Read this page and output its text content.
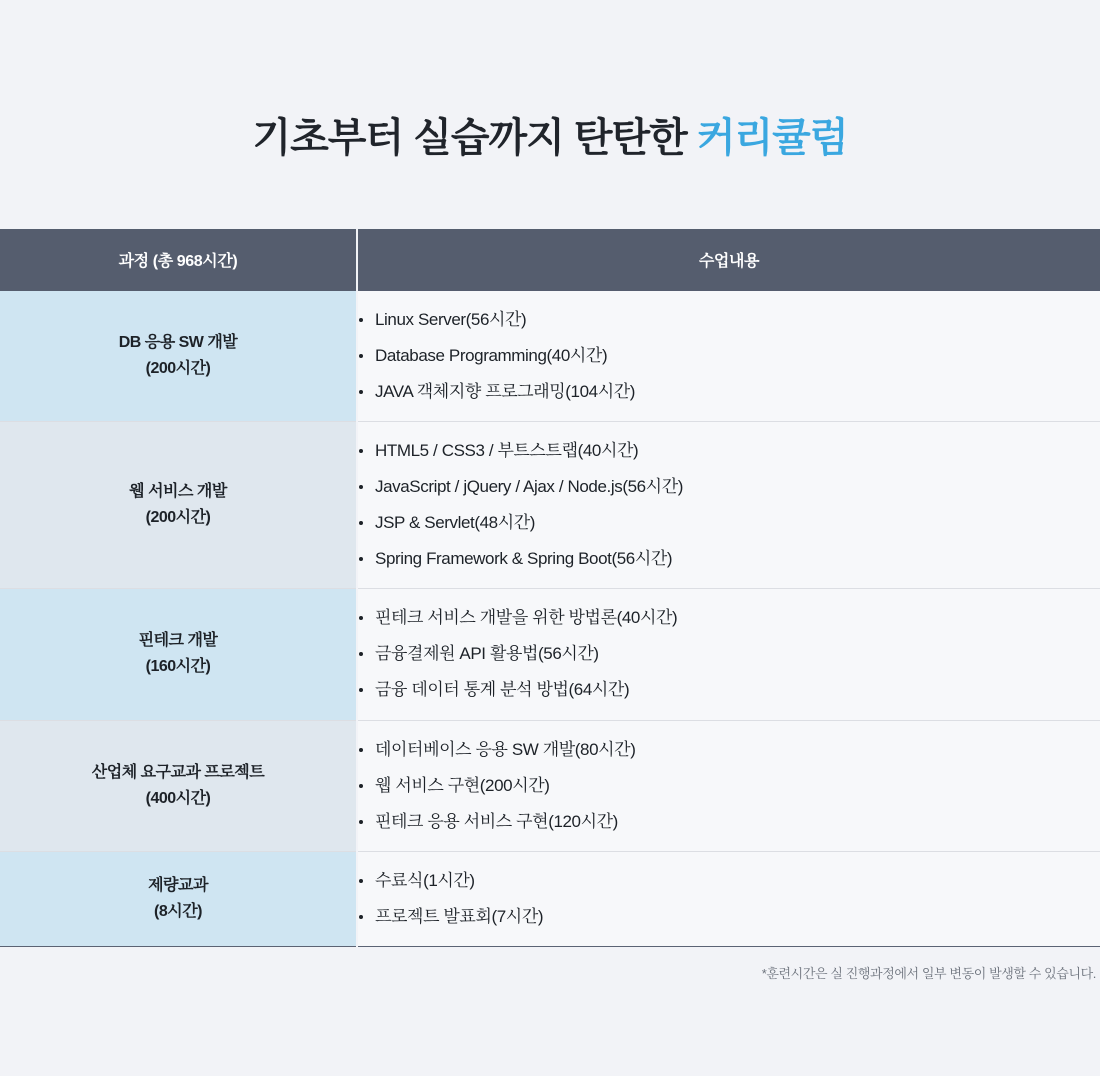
기초부터 실습까지 탄탄한 커리큘럼
과정 (총 968시간)	수업내용

DB 응용 SW 개발
(200시간)

Linux Server(56시간)
Database Programming(40시간)
JAVA 객체지향 프로그래밍(104시간)

웹 서비스 개발
(200시간)

HTML5 / CSS3 / 부트스트랩(40시간)
JavaScript / jQuery / Ajax / Node.js(56시간)
JSP & Servlet(48시간)
Spring Framework & Spring Boot(56시간)

핀테크 개발
(160시간)

핀테크 서비스 개발을 위한 방법론(40시간)
금융결제원 API 활용법(56시간)
금융 데이터 통계 분석 방법(64시간)

산업체 요구교과 프로젝트
(400시간)

데이터베이스 응용 SW 개발(80시간)
웹 서비스 구현(200시간)
핀테크 응용 서비스 구현(120시간)

제량교과
(8시간)

수료식(1시간)
프로젝트 발표회(7시간)
*훈련시간은 실 진행과정에서 일부 변동이 발생할 수 있습니다.
